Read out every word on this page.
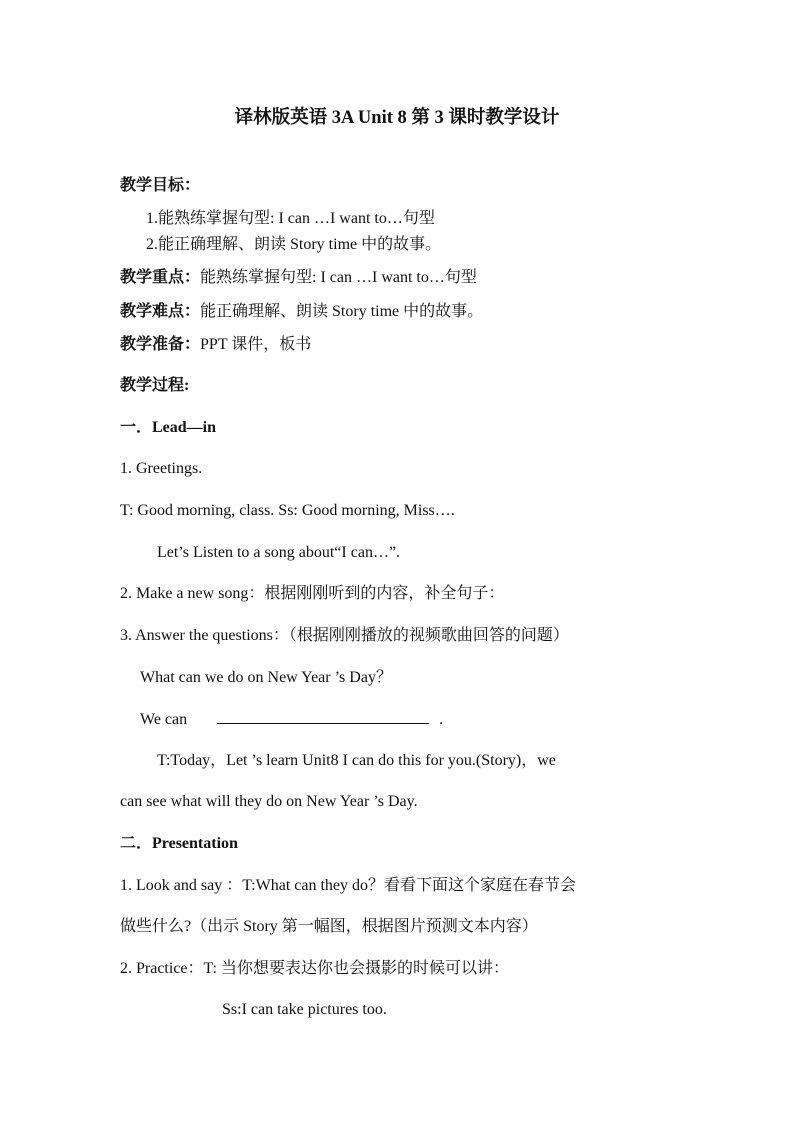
译林版英语 3A Unit 8 第 3 课时教学设计
教学目标：
1.能熟练掌握句型: I can …I want to…句型
2.能正确理解、朗读 Story time 中的故事。
教学重点：能熟练掌握句型: I can …I want to…句型
教学难点：能正确理解、朗读 Story time 中的故事。
教学准备：PPT 课件，板书
教学过程:
一．Lead—in
1. Greetings.
T: Good morning, class. Ss: Good morning, Miss….
Let’s Listen to a song about“I can…”.
2. Make a new song：根据刚刚听到的内容，补全句子：
3. Answer the questions：（根据刚刚播放的视频歌曲回答的问题）
What can we do on New Year ’s Day？
We can	.
T:Today，Let ’s learn Unit8 I can do this for you.(Story)，we
can see what will they do on New Year ’s Day.
二．Presentation
1. Look and say ：T:What can they do？看看下面这个家庭在春节会
做些什么?（出示 Story 第一幅图，根据图片预测文本内容）
2. Practice：T: 当你想要表达你也会摄影的时候可以讲：
Ss:I can take pictures too.
